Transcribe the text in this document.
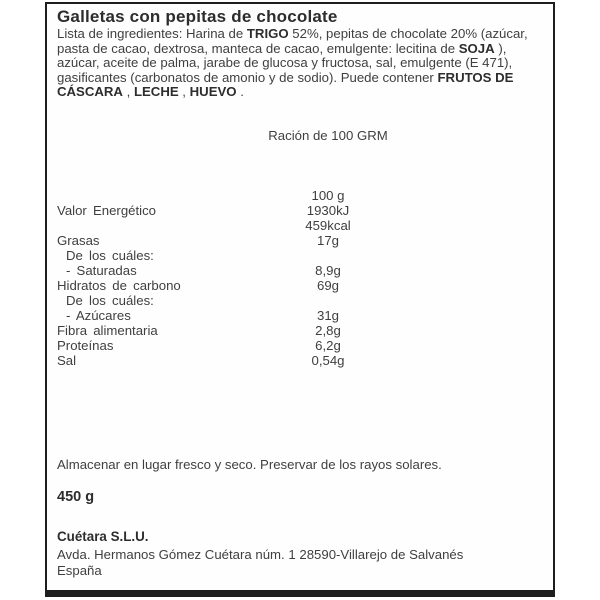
Galletas con pepitas de chocolate

Lista de ingredientes: Harina de TRIGO 52%, pepitas de chocolate 20% (azúcar, pasta de cacao, dextrosa, manteca de cacao, emulgente: lecitina de SOJA ), azúcar, aceite de palma, jarabe de glucosa y fructosa, sal, emulgente (E 471), gasificantes (carbonatos de amonio y de sodio). Puede contener FRUTOS DE CÁSCARA , LECHE , HUEVO .

Ración de 100 GRM
100 g
Valor Energético	1930kJ
459kcal
Grasas	17g
De los cuáles:
- Saturadas	8,9g
Hidratos de carbono	69g
De los cuáles:
- Azúcares	31g
Fibra alimentaria	2,8g
Proteínas	6,2g
Sal	0,54g

Almacenar en lugar fresco y seco. Preservar de los rayos solares.

450 g

Cuétara S.L.U.

Avda. Hermanos Gómez Cuétara núm. 1 28590-Villarejo de Salvanés

España
